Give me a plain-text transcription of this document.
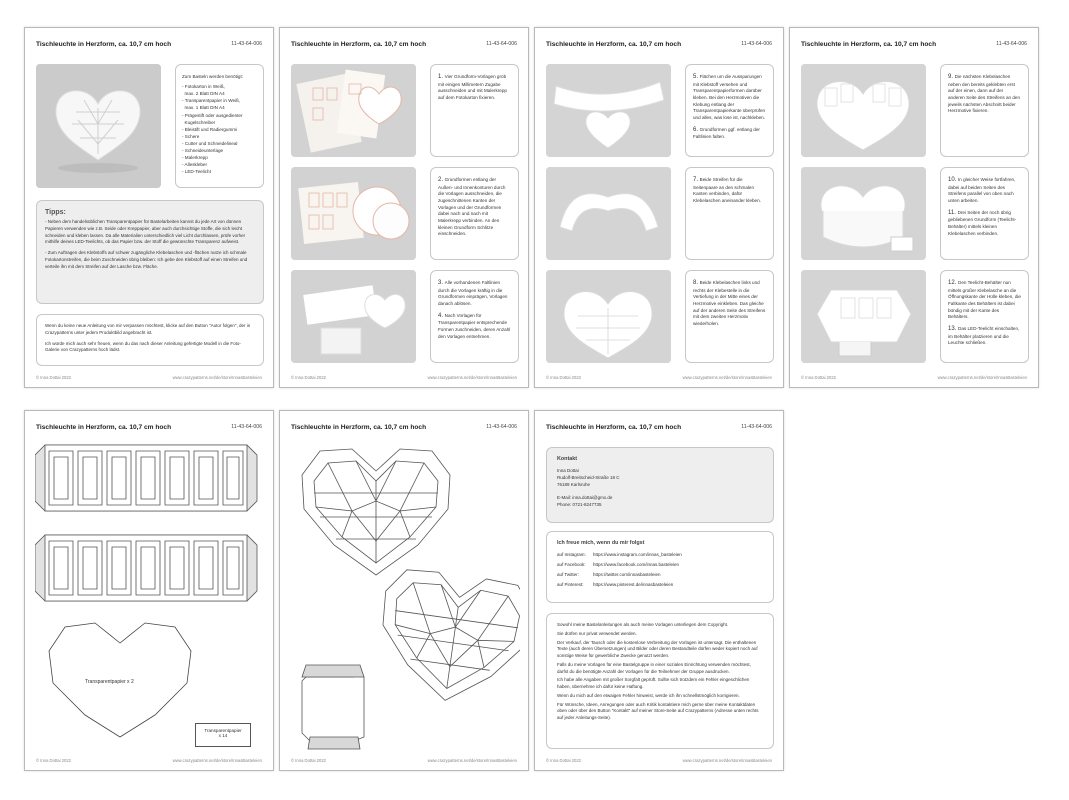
Tischleuchte in Herzform, ca. 10,7 cm hoch	11-43-64-006
Zum Basteln werden benötigt:
- Fotokarton in Weiß,
max. 2 Blatt DIN A4
- Transparentpapier in Weiß,
max. 1 Blatt DIN A4
- Prägestift oder ausgedienter
Kugelschreiber
- Bleistift und Radiergummi
- Schere
- Cutter und Schneidelineal
- Schneideunterlage
- Malerkrepp
- Alleskleber
- LED-Teelicht
Tipps:
- Neben dem handelsüblichen Transparentpapier für Bastelarbeiten kannst du jede Art von dünnen Papieren verwenden wie z.B. Seide oder Kreppapier, aber auch durchsichtige Stoffe, die sich leicht schneiden und kleben lassen. Da alle Materialien unterschiedlich viel Licht durchlassen, prüfe vorher mithilfe deines LED-Teelichts, ob das Papier bzw. der Stoff die gewünschte Transparenz aufweist.
- Zum Auftragen des Klebstoffs auf schwer zugängliche Klebelaschen und -flächen nutze ich schmale Fotokartonstreifen, die beim Zuschneiden übrig bleiben: Ich gebe den Klebstoff auf einen Streifen und verteile ihn mit dem Streifen auf der Lasche bzw. Fläche.
Wenn du keine neue Anleitung von mir verpassen möchtest, klicke auf den Button "Autor folgen", der in Crazypatterns unter jedem Produktbild angebracht ist.
Ich würde mich auch sehr freuen, wenn du das nach dieser Anleitung gefertigte Modell in die Foto-Galerie von Crazypatterns hoch lädst.
© Inna Dottai 2022	www.crazypatterns.net/de/store/InnasBasteleien
Tischleuchte in Herzform, ca. 10,7 cm hoch	11-43-64-006

1. Vier Grundform-Vorlagen grob mit einigen Millimetern Zugabe ausschneiden und mit Malerkrepp auf dem Fotokarton fixieren.

2. Grundformen entlang der Außen- und Innenkonturen durch die Vorlagen ausschneiden, die zugeschnittenen Kanten der Vorlagen und der Grundformen dabei nach und nach mit Malerkrepp verbinden. An den kleinen Grundform Schlitze einschneiden.

3. Alle vorhandenen Faltlinien durch die Vorlagen kräftig in die Grundformen einprägen, Vorlagen danach ablösen.

4. Nach Vorlagen für Transparentpapier entsprechende Formen zuschneiden, deren Anzahl den Vorlagen entnehmen.

© Inna Dottai 2022	www.crazypatterns.net/de/store/InnasBasteleien
Tischleuchte in Herzform, ca. 10,7 cm hoch	11-43-64-006

5. Flächen um die Aussparungen mit Klebstoff versehen und Transparentpapierformen darüber kleben. Bei den Herzmotiven die Klebung entlang der Transparentpapierkante überprüfen und alles, was lose ist, nachkleben.

6. Grundformen ggf. entlang der Faltlinien falten.

7. Beide Streifen für die Seitenpaare an den schmalen Kanten verbinden, dafür Klebelaschen aneinander kleben.

8. Beide Klebelaschen links und rechts der Klebestelle in die Vertiefung in der Mitte eines der Herzmotive einkleben. Das gleiche auf der anderen Seite des Streifens mit dem zweiten Herzmotiv wiederholen.

© Inna Dottai 2022	www.crazypatterns.net/de/store/InnasBasteleien
Tischleuchte in Herzform, ca. 10,7 cm hoch	11-43-64-006

9. Die nächsten Klebelaschen neben den bereits geklebten erst auf der einen, dann auf der anderen Seite des Streifens an den jeweils nächsten Abschnitt beider Herzmotive fixieren.

10. In gleicher Weise fortfahren, dabei auf beiden Seiten des Streifens parallel von oben nach unten arbeiten.

11. Drei Seiten der noch übrig gebliebenen Grundform (Teelicht-Behälter) mittels kleinen Klebelaschen verbinden.

12. Den Teelicht-Behälter nun mittels großer Klebelasche an die Öffnungskante der Hülle kleben, die Faltkante des Behälters ist dabei bündig mit der Kante des Behälters.

13. Das LED-Teelicht einschalten, im Behälter platzieren und die Leuchte schließen.

© Inna Dottai 2022	www.crazypatterns.net/de/store/InnasBasteleien
Tischleuchte in Herzform, ca. 10,7 cm hoch	11-43-64-006
Transparentpapier x 2
Transparentpapier
x 14
© Inna Dottai 2022	www.crazypatterns.net/de/store/InnasBasteleien
Tischleuchte in Herzform, ca. 10,7 cm hoch	11-43-64-006
© Inna Dottai 2022	www.crazypatterns.net/de/store/InnasBasteleien
Tischleuchte in Herzform, ca. 10,7 cm hoch	11-43-64-006
Kontakt
Inna Dottai
Rudolf-Breitscheid-Straße 18 C
76189 Karlsruhe

E-Mail: inna.dottai@gmx.de
Phone: 0721-8247735
Ich freue mich, wenn du mir folgst
auf Instagram:	https://www.instagram.com/innas_basteleien
auf Facebook:	https://www.facebook.com/innas.basteleien
auf Twitter:	https://twitter.com/innasbasteleien
auf Pinterest:	https://www.pinterest.de/innasbasteleien
Sowohl meine Bastelanleitungen als auch meine Vorlagen unterliegen dem Copyright.
Sie dürfen nur privat verwendet werden.
Der Verkauf, der Tausch oder die kostenlose Verbreitung der Vorlagen ist untersagt. Die enthaltenen Texte (auch deren Übersetzungen) und Bilder oder deren Bestandteile dürfen weder kopiert noch auf sonstige Weise für gewerbliche Zwecke genutzt werden.
Falls du meine Vorlagen für eine Bastelgruppe in einer sozialen Einrichtung verwenden möchtest, darfst du die benötigte Anzahl der Vorlagen für die Teilnehmer der Gruppe ausdrucken.
Ich habe alle Angaben mit großer Sorgfalt geprüft. Sollte sich trotzdem ein Fehler eingeschlichen haben, übernehme ich dafür keine Haftung.
Wenn du mich auf den etwaigen Fehler hinweist, werde ich ihn schnellstmöglich korrigieren.
Für Wünsche, Ideen, Anregungen oder auch Kritik kontaktiere mich gerne über meine Kontaktdaten oben oder über den Button "Kontakt" auf meiner Store-Seite auf Crazypatterns (Adresse unten rechts auf jeder Anleitungs-Seite).
© Inna Dottai 2022	www.crazypatterns.net/de/store/InnasBasteleien
